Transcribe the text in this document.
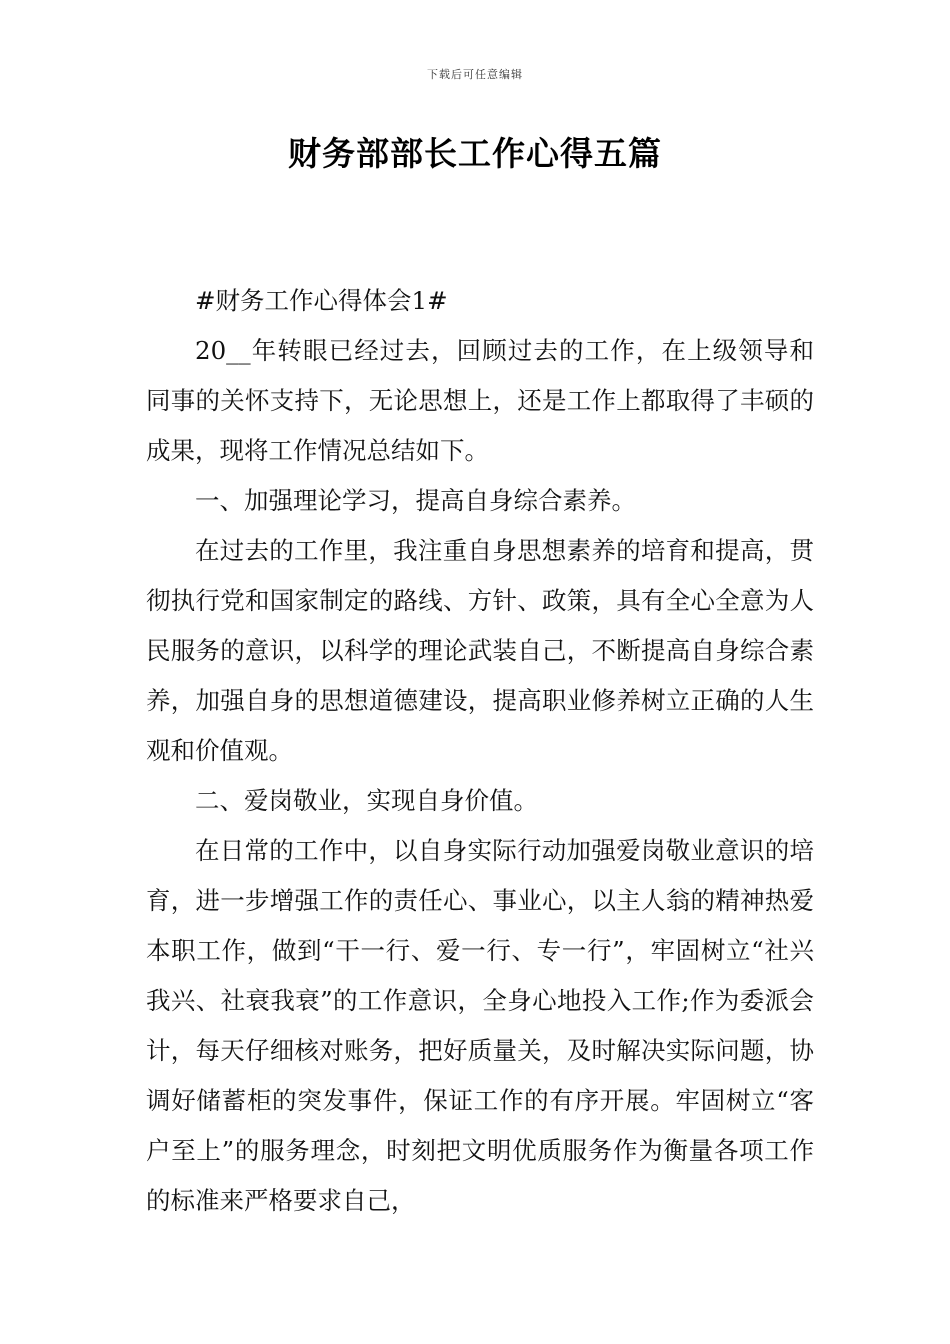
下载后可任意编辑
财务部部长工作心得五篇

#财务工作心得体会1#

20__年转眼已经过去，回顾过去的工作，在上级领导和同事的关怀支持下，无论思想上，还是工作上都取得了丰硕的成果，现将工作情况总结如下。

一、加强理论学习，提高自身综合素养。

在过去的工作里，我注重自身思想素养的培育和提高，贯彻执行党和国家制定的路线、方针、政策，具有全心全意为人民服务的意识，以科学的理论武装自己，不断提高自身综合素养，加强自身的思想道德建设，提高职业修养树立正确的人生观和价值观。

二、爱岗敬业，实现自身价值。

在日常的工作中，以自身实际行动加强爱岗敬业意识的培育，进一步增强工作的责任心、事业心，以主人翁的精神热爱本职工作，做到“干一行、爱一行、专一行”，牢固树立“社兴我兴、社衰我衰”的工作意识，全身心地投入工作;作为委派会计，每天仔细核对账务，把好质量关，及时解决实际问题，协调好储蓄柜的突发事件，保证工作的有序开展。牢固树立“客户至上”的服务理念，时刻把文明优质服务作为衡量各项工作的标准来严格要求自己，
